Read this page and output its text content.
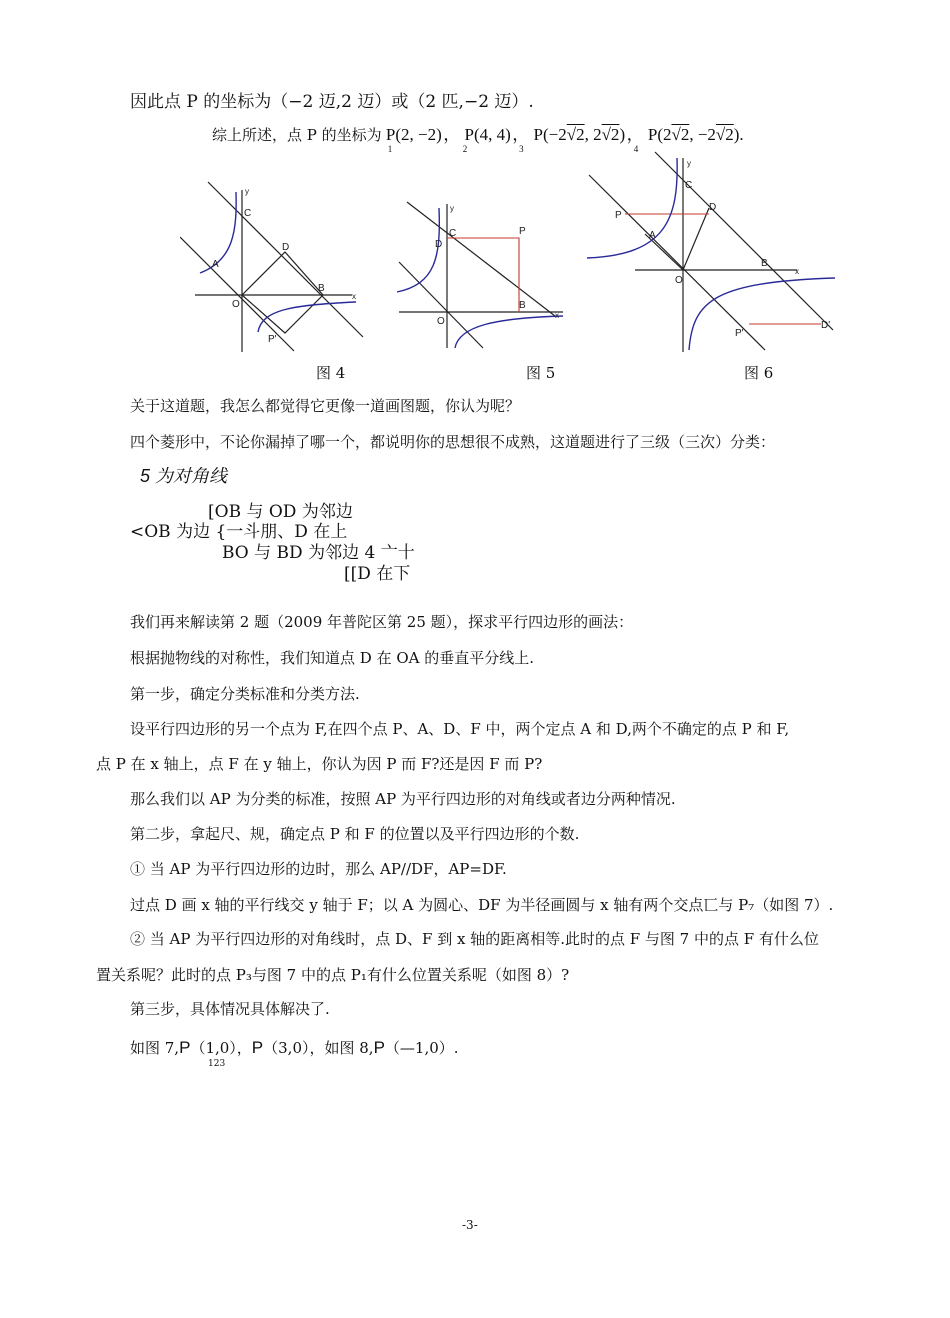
因此点 P 的坐标为（−2 迈,2 迈）或（2 匹,−2 迈）.
综上所述，点 P 的坐标为 P(2, $-2)_1$， P(4, $4)_2$， P(−2√2, $2√2)_3$， P(2√2, $-2√2)._4$
A
C
D
O
B
P'
x
y
图 4
C
D
P
O
B
x
y
图 5
C
P
D
A
O
B
P'
D'
x
y
图 6
关于这道题，我怎么都觉得它更像一道画图题，你认为呢？
四个菱形中，不论你漏掉了哪一个，都说明你的思想很不成熟，这道题进行了三级（三次）分类：
5 为对角线
[OB 与 OD 为邻边
<OB 为边 {一斗朋、D 在上
BO 与 BD 为邻边 4 亠十
[[D 在下
我们再来解读第 2 题（2009 年普陀区第 25 题），探求平行四边形的画法：
根据抛物线的对称性，我们知道点 D 在 OA 的垂直平分线上.
第一步，确定分类标准和分类方法.
设平行四边形的另一个点为 F,在四个点 P、A、D、F 中，两个定点 A 和 D,两个不确定的点 P 和 F,
点 P 在 x 轴上，点 F 在 y 轴上，你认为因 P 而 F?还是因 F 而 P?
那么我们以 AP 为分类的标准，按照 AP 为平行四边形的对角线或者边分两种情况.
第二步，拿起尺、规，确定点 P 和 F 的位置以及平行四边形的个数.
① 当 AP 为平行四边形的边时，那么 AP//DF，AP=DF.
过点 D 画 x 轴的平行线交 y 轴于 F；以 A 为圆心、DF 为半径画圆与 x 轴有两个交点匸与 P₇（如图 7）.
② 当 AP 为平行四边形的对角线时，点 D、F 到 x 轴的距离相等.此时的点 F 与图 7 中的点 F 有什么位
置关系呢？此时的点 P₃与图 7 中的点 P₁有什么位置关系呢（如图 8）?
第三步，具体情况具体解决了.
如图 7,P（1,0），P（3,0），如图 8,P（—1,0）.
123
-3-
